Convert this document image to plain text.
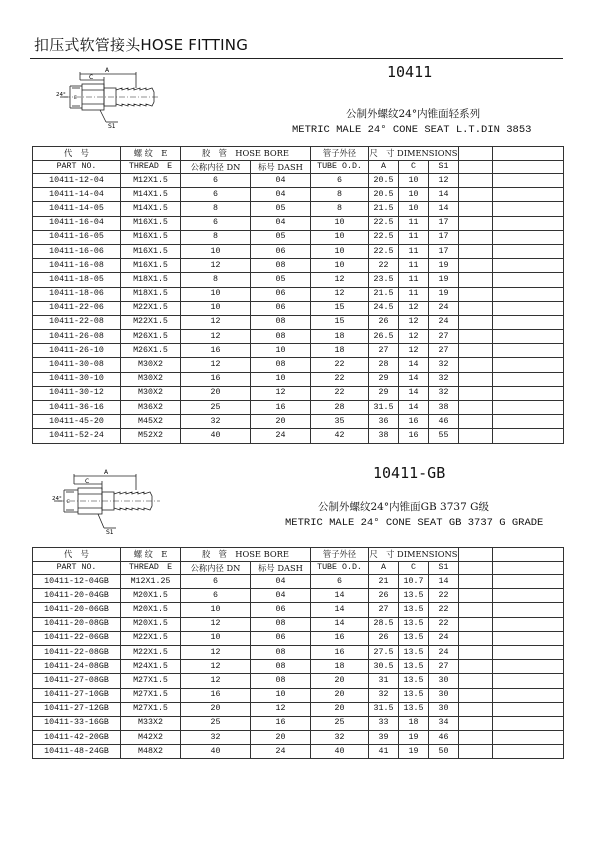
扣压式软管接头HOSE FITTING
A
C
24°
E
S1
10411
公制外螺纹24°内锥面轻系列
METRIC MALE 24° CONE SEAT L.T.DIN 3853
代　号	螺 纹　E	胶　管　HOSE BORE		管子外径	尺　寸 DIMENSIONS				
PART NO.	THREAD　E	公称内径 DN	标号 DASH	TUBE O.D.	A	C	S1		
10411-12-04	M12X1.5	6	04	6	20.5	10	12		
10411-14-04	M14X1.5	6	04	8	20.5	10	14		
10411-14-05	M14X1.5	8	05	8	21.5	10	14		
10411-16-04	M16X1.5	6	04	10	22.5	11	17		
10411-16-05	M16X1.5	8	05	10	22.5	11	17		
10411-16-06	M16X1.5	10	06	10	22.5	11	17		
10411-16-08	M16X1.5	12	08	10	22	11	19		
10411-18-05	M18X1.5	8	05	12	23.5	11	19		
10411-18-06	M18X1.5	10	06	12	21.5	11	19		
10411-22-06	M22X1.5	10	06	15	24.5	12	24		
10411-22-08	M22X1.5	12	08	15	26	12	24		
10411-26-08	M26X1.5	12	08	18	26.5	12	27		
10411-26-10	M26X1.5	16	10	18	27	12	27		
10411-30-08	M30X2	12	08	22	28	14	32		
10411-30-10	M30X2	16	10	22	29	14	32		
10411-30-12	M30X2	20	12	22	29	14	32		
10411-36-16	M36X2	25	16	28	31.5	14	38		
10411-45-20	M45X2	32	20	35	36	16	46		
10411-52-24	M52X2	40	24	42	38	16	55		
A
C
24°
E
S1
10411-GB
公制外螺纹24°内锥面GB 3737 G级
METRIC MALE 24° CONE SEAT GB 3737 G GRADE
代　号	螺 纹　E	胶　管　HOSE BORE		管子外径	尺　寸 DIMENSIONS				
PART NO.	THREAD　E	公称内径 DN	标号 DASH	TUBE O.D.	A	C	S1		
10411-12-04GB	M12X1.25	6	04	6	21	10.7	14		
10411-20-04GB	M20X1.5	6	04	14	26	13.5	22		
10411-20-06GB	M20X1.5	10	06	14	27	13.5	22		
10411-20-08GB	M20X1.5	12	08	14	28.5	13.5	22		
10411-22-06GB	M22X1.5	10	06	16	26	13.5	24		
10411-22-08GB	M22X1.5	12	08	16	27.5	13.5	24		
10411-24-08GB	M24X1.5	12	08	18	30.5	13.5	27		
10411-27-08GB	M27X1.5	12	08	20	31	13.5	30		
10411-27-10GB	M27X1.5	16	10	20	32	13.5	30		
10411-27-12GB	M27X1.5	20	12	20	31.5	13.5	30		
10411-33-16GB	M33X2	25	16	25	33	18	34		
10411-42-20GB	M42X2	32	20	32	39	19	46		
10411-48-24GB	M48X2	40	24	40	41	19	50		
